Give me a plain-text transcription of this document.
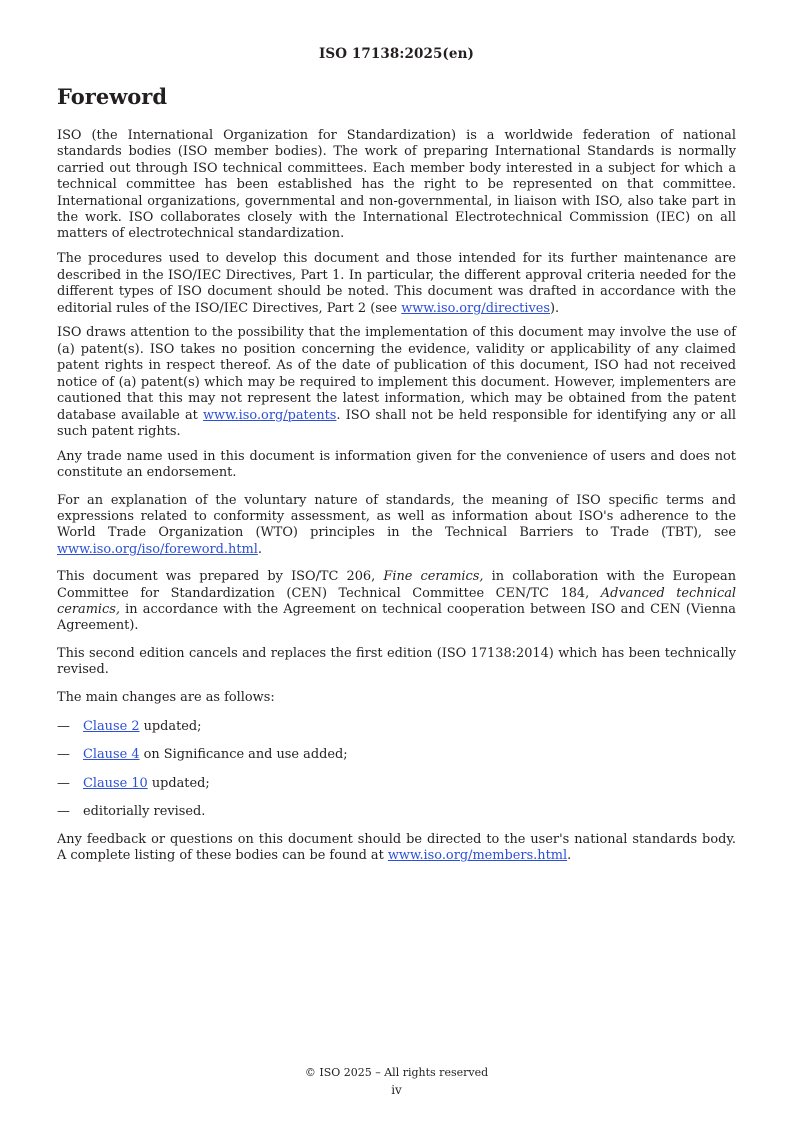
ISO 17138:2025(en)
Foreword

ISO (the International Organization for Standardization) is a worldwide federation of national standards bodies (ISO member bodies). The work of preparing International Standards is normally carried out through ISO technical committees. Each member body interested in a subject for which a technical committee has been established has the right to be represented on that committee. International organizations, governmental and non-governmental, in liaison with ISO, also take part in the work. ISO collaborates closely with the International Electrotechnical Commission (IEC) on all matters of electrotechnical standardization.

The procedures used to develop this document and those intended for its further maintenance are described in the ISO/IEC Directives, Part 1. In particular, the different approval criteria needed for the different types of ISO document should be noted. This document was drafted in accordance with the editorial rules of the ISO/IEC Directives, Part 2 (see www.iso.org/directives).

ISO draws attention to the possibility that the implementation of this document may involve the use of (a) patent(s). ISO takes no position concerning the evidence, validity or applicability of any claimed patent rights in respect thereof. As of the date of publication of this document, ISO had not received notice of (a) patent(s) which may be required to implement this document. However, implementers are cautioned that this may not represent the latest information, which may be obtained from the patent database available at www.iso.org/patents. ISO shall not be held responsible for identifying any or all such patent rights.

Any trade name used in this document is information given for the convenience of users and does not constitute an endorsement.

For an explanation of the voluntary nature of standards, the meaning of ISO specific terms and expressions related to conformity assessment, as well as information about ISO's adherence to the World Trade Organization (WTO) principles in the Technical Barriers to Trade (TBT), see www.iso.org/iso/foreword.html.

This document was prepared by ISO/TC 206, Fine ceramics, in collaboration with the European Committee for Standardization (CEN) Technical Committee CEN/TC 184, Advanced technical ceramics, in accordance with the Agreement on technical cooperation between ISO and CEN (Vienna Agreement).

This second edition cancels and replaces the first edition (ISO 17138:2014) which has been technically revised.

The main changes are as follows:

—	Clause 2 updated;
—	Clause 4 on Significance and use added;
—	Clause 10 updated;
—	editorially revised.

Any feedback or questions on this document should be directed to the user's national standards body. A complete listing of these bodies can be found at www.iso.org/members.html.

© ISO 2025 – All rights reserved
iv
